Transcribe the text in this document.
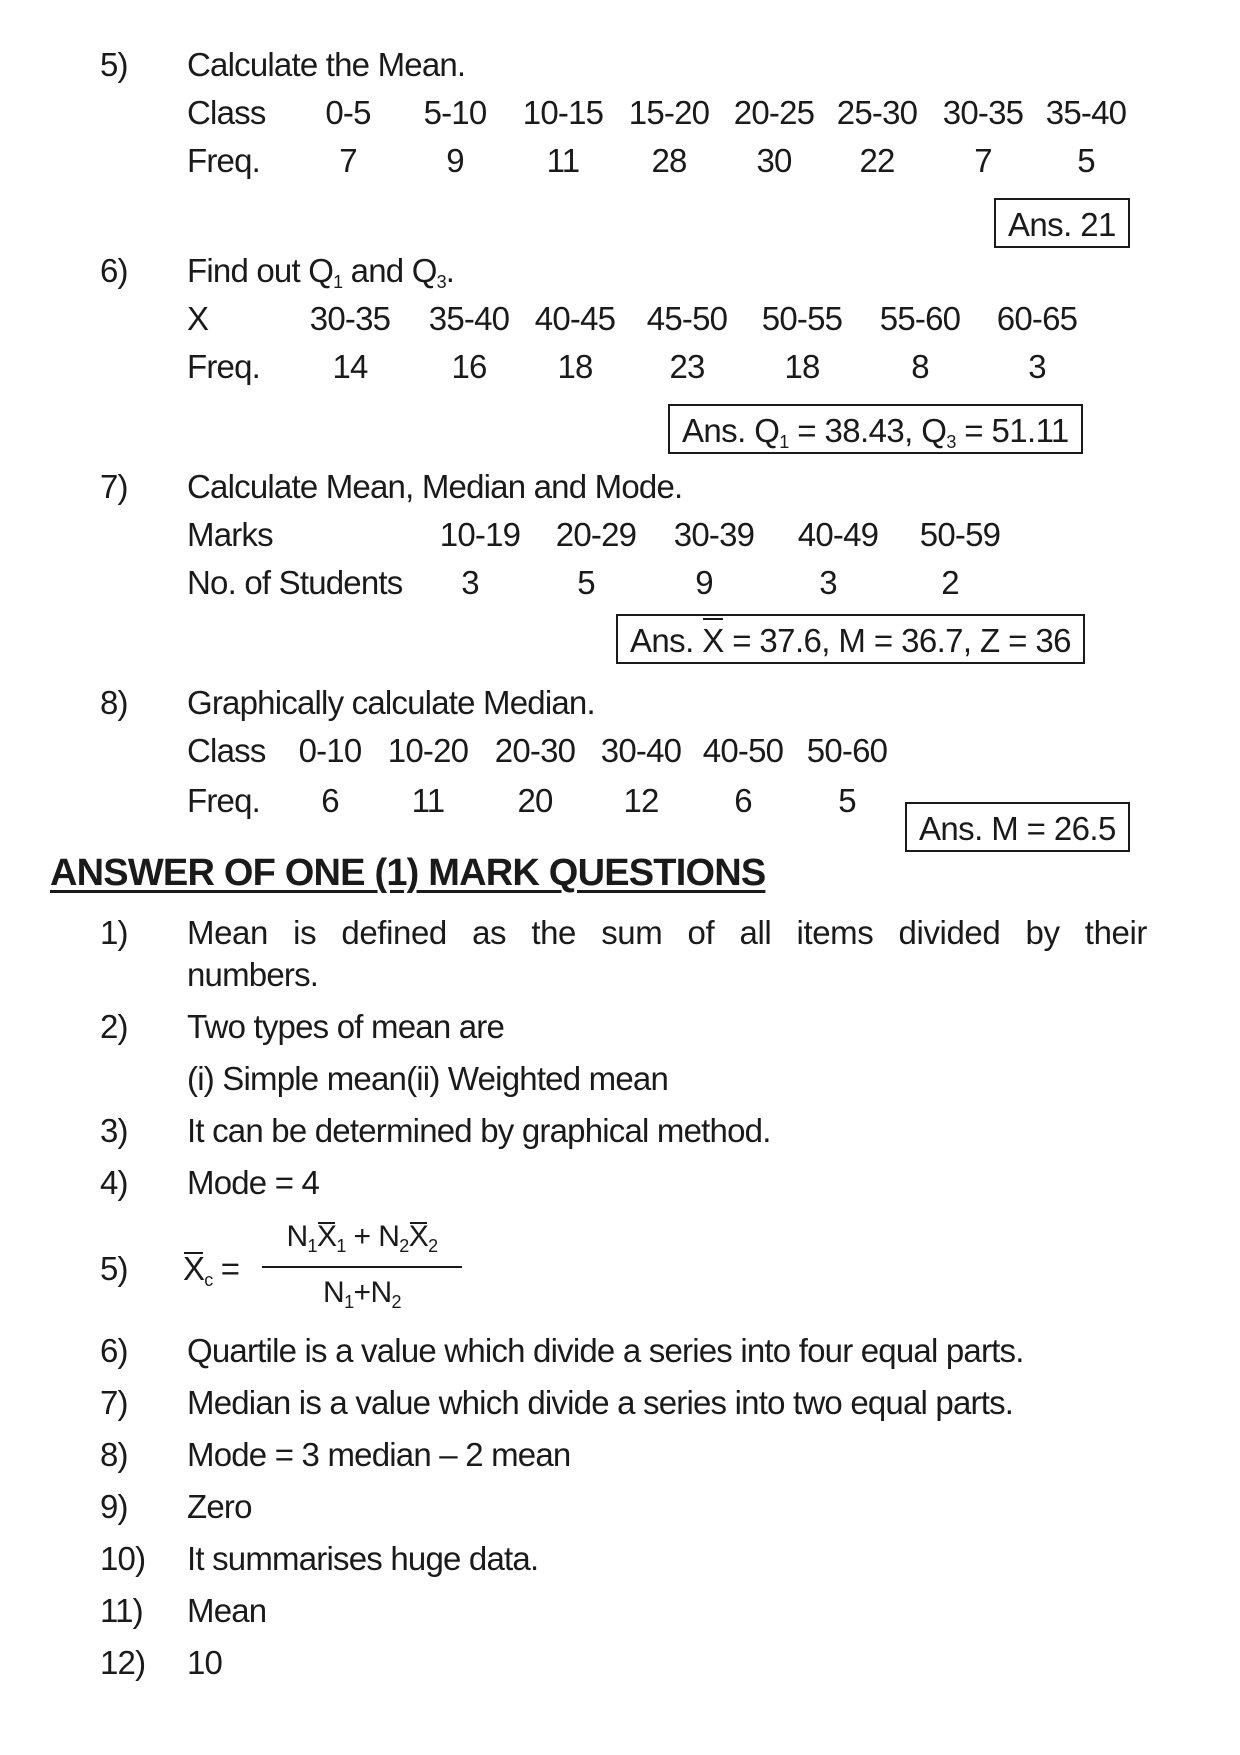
5) Calculate the Mean.
Class	0-5	5-10	10-15 15-20 20-25 25-30 30-35 35-40
Freq.	7	9	11	28	30	22	7	5
Ans. 21
6) Find out $Q_1$ and $Q_3$.
X	30-35 35-40 40-45 45-50 50-55 55-60 60-65
Freq.	14	16	18	23	18	8	3
Ans. $Q_1 = 38.43$, $Q_3 = 51.11$
7) Calculate Mean, Median and Mode.
Marks	10-19 20-29 30-39 40-49 50-59
No. of Students	3	5	9	3	2
Ans. X = 37.6, M = 36.7, Z = 36
8) Graphically calculate Median.
Class 0-10 10-20 20-30 30-40 40-50 50-60
Freq.	6	11	20	12	6	5
Ans. M = 26.5
ANSWER OF ONE (1) MARK QUESTIONS
1) Mean is defined as the sum of all items divided by their
numbers.
2) Two types of mean are
(i) Simple mean(ii) Weighted mean
3) It can be determined by graphical method.
4) Mode = 4
5) $X_c$ =
$N_1X_1 + N_2X_2$
$N_1+N_2$
6) Quartile is a value which divide a series into four equal parts.
7) Median is a value which divide a series into two equal parts.
8) Mode = 3 median – 2 mean
9) Zero
10) It summarises huge data.
11) Mean
12) 10
